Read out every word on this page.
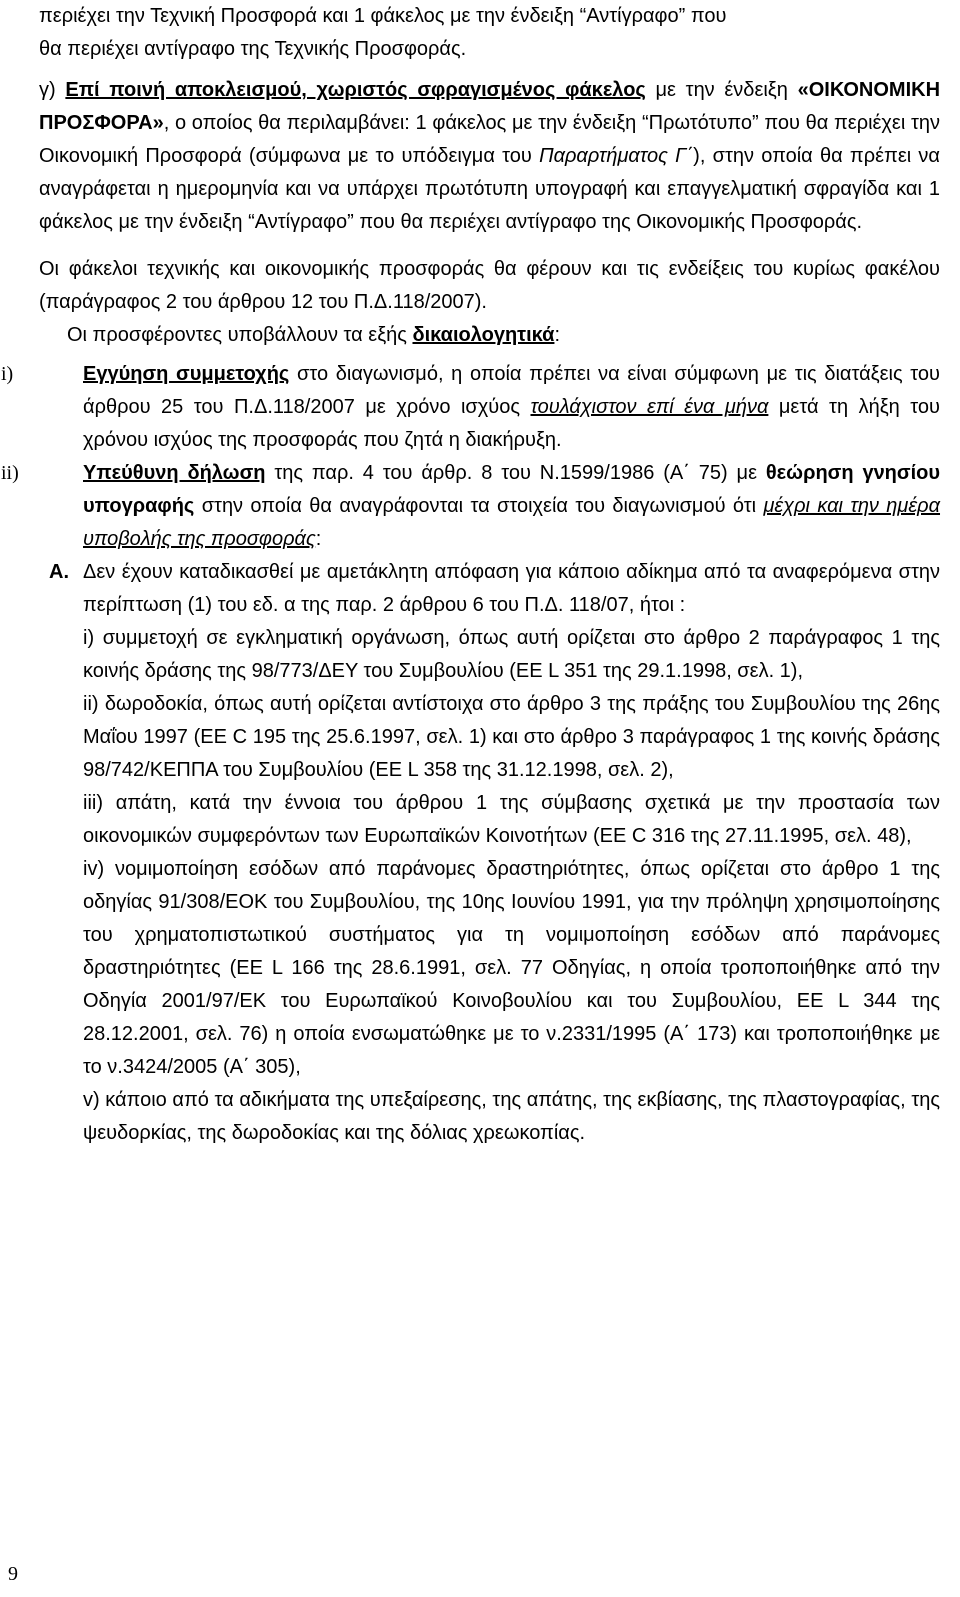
περιέχει την Τεχνική Προσφορά και 1 φάκελος με την ένδειξη “Αντίγραφο” που
θα περιέχει αντίγραφο της Τεχνικής Προσφοράς.

γ) Επί ποινή αποκλεισμού, χωριστός σφραγισμένος φάκελος με την ένδειξη «ΟΙΚΟΝΟΜΙΚΗ ΠΡΟΣΦΟΡΑ», ο οποίος θα περιλαμβάνει: 1 φάκελος με την ένδειξη “Πρωτότυπο” που θα περιέχει την Οικονομική Προσφορά (σύμφωνα με το υπόδειγμα του Παραρτήματος Γ΄), στην οποία θα πρέπει να αναγράφεται η ημερομηνία και να υπάρχει πρωτότυπη υπογραφή και επαγγελματική σφραγίδα και 1 φάκελος με την ένδειξη “Αντίγραφο” που θα περιέχει αντίγραφο της Οικονομικής Προσφοράς.

Οι φάκελοι τεχνικής και οικονομικής προσφοράς θα φέρουν και τις ενδείξεις του κυρίως φακέλου (παράγραφος 2 του άρθρου 12 του Π.Δ.118/2007).

Οι προσφέροντες υποβάλλουν τα εξής δικαιολογητικά:

i)	Εγγύηση συμμετοχής στο διαγωνισμό, η οποία πρέπει να είναι σύμφωνη με τις διατάξεις του άρθρου 25 του Π.Δ.118/2007 με χρόνο ισχύος τουλάχιστον επί ένα μήνα μετά τη λήξη του χρόνου ισχύος της προσφοράς που ζητά η διακήρυξη.

ii)	Υπεύθυνη δήλωση της παρ. 4 του άρθρ. 8 του Ν.1599/1986 (Α΄ 75) με θεώρηση γνησίου υπογραφής στην οποία θα αναγράφονται τα στοιχεία του διαγωνισμού ότι μέχρι και την ημέρα υποβολής της προσφοράς:

Α. Δεν έχουν καταδικασθεί με αμετάκλητη απόφαση για κάποιο αδίκημα από τα αναφερόμενα στην περίπτωση (1) του εδ. α της παρ. 2 άρθρου 6 του Π.Δ. 118/07, ήτοι :

i) συμμετοχή σε εγκληματική οργάνωση, όπως αυτή ορίζεται στο άρθρο 2 παράγραφος 1 της κοινής δράσης της 98/773/ΔΕΥ του Συμβουλίου (ΕΕ L 351 της 29.1.1998, σελ. 1),

ii) δωροδοκία, όπως αυτή ορίζεται αντίστοιχα στο άρθρο 3 της πράξης του Συμβουλίου της 26ης Μαΐου 1997 (ΕΕ C 195 της 25.6.1997, σελ. 1) και στο άρθρο 3 παράγραφος 1 της κοινής δράσης 98/742/ΚΕΠΠΑ του Συμβουλίου (ΕΕ L 358 της 31.12.1998, σελ. 2),

iii) απάτη, κατά την έννοια του άρθρου 1 της σύμβασης σχετικά με την προστασία των οικονομικών συμφερόντων των Ευρωπαϊκών Κοινοτήτων (ΕΕ C 316 της 27.11.1995, σελ. 48),

iv) νομιμοποίηση εσόδων από παράνομες δραστηριότητες, όπως ορίζεται στο άρθρο 1 της οδηγίας 91/308/ΕΟΚ του Συμβουλίου, της 10ης Ιουνίου 1991, για την πρόληψη χρησιμοποίησης του χρηματοπιστωτικού συστήματος για τη νομιμοποίηση εσόδων από παράνομες δραστηριότητες (ΕΕ L 166 της 28.6.1991, σελ. 77 Οδηγίας, η οποία τροποποιήθηκε από την Οδηγία 2001/97/ΕΚ του Ευρωπαϊκού Κοινοβουλίου και του Συμβουλίου, ΕΕ L 344 της 28.12.2001, σελ. 76) η οποία ενσωματώθηκε με το ν.2331/1995 (Α΄ 173) και τροποποιήθηκε με το ν.3424/2005 (Α΄ 305),

v) κάποιο από τα αδικήματα της υπεξαίρεσης, της απάτης, της εκβίασης, της πλαστογραφίας, της ψευδορκίας, της δωροδοκίας και της δόλιας χρεωκοπίας.

9
